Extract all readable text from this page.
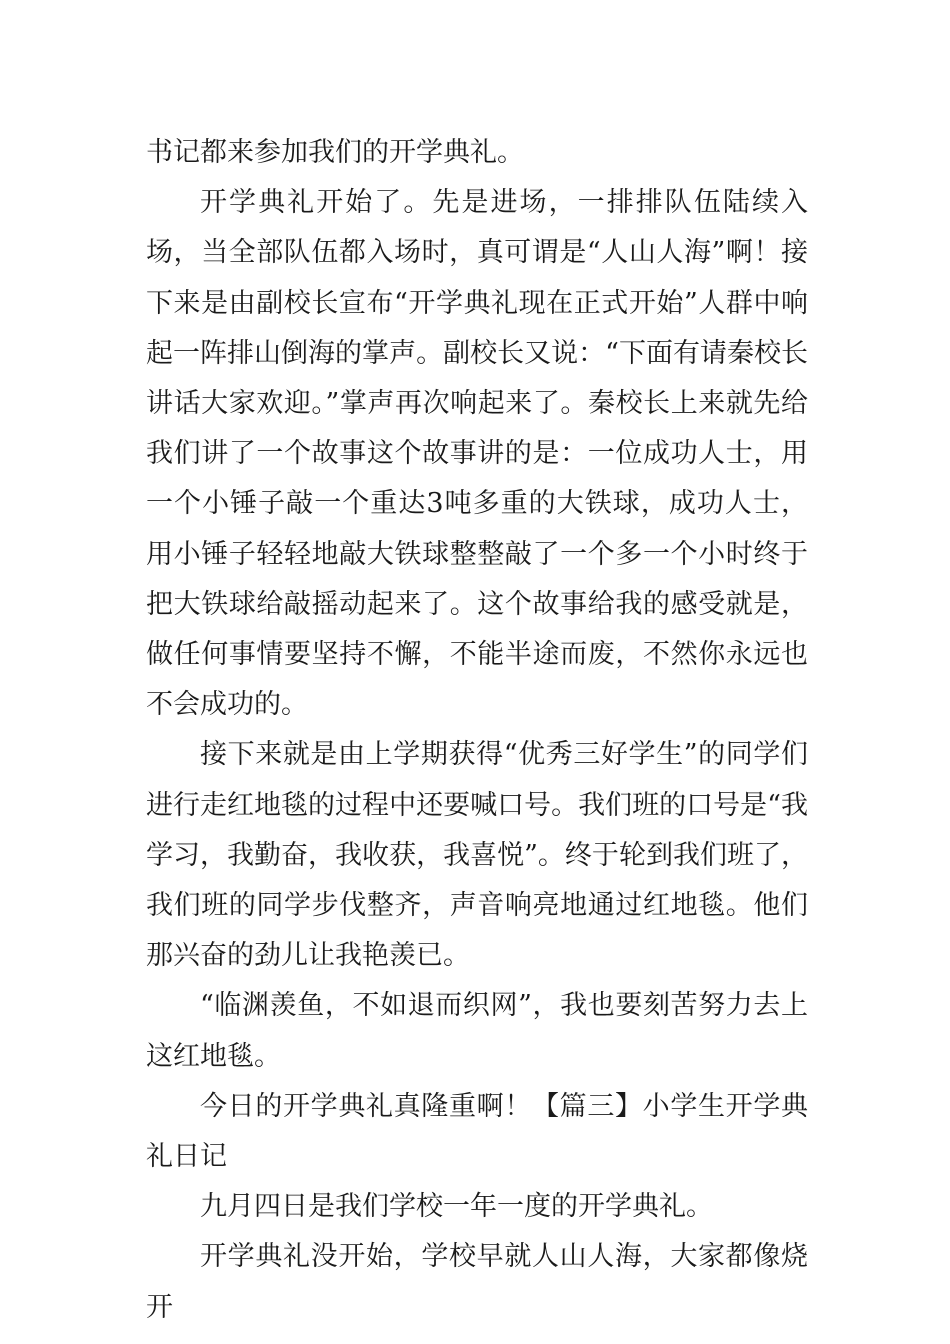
书记都来参加我们的开学典礼。

开学典礼开始了。先是进场，一排排队伍陆续入场，当全部队伍都入场时，真可谓是“人山人海”啊！接下来是由副校长宣布“开学典礼现在正式开始”人群中响起一阵排山倒海的掌声。副校长又说：“下面有请秦校长讲话大家欢迎。”掌声再次响起来了。秦校长上来就先给我们讲了一个故事这个故事讲的是：一位成功人士，用一个小锤子敲一个重达3吨多重的大铁球，成功人士，用小锤子轻轻地敲大铁球整整敲了一个多一个小时终于把大铁球给敲摇动起来了。这个故事给我的感受就是，做任何事情要坚持不懈，不能半途而废，不然你永远也不会成功的。

接下来就是由上学期获得“优秀三好学生”的同学们进行走红地毯的过程中还要喊口号。我们班的口号是“我学习，我勤奋，我收获，我喜悦”。终于轮到我们班了，我们班的同学步伐整齐，声音响亮地通过红地毯。他们那兴奋的劲儿让我艳羡已。

“临渊羡鱼，不如退而织网”，我也要刻苦努力去上这红地毯。

今日的开学典礼真隆重啊！【篇三】小学生开学典礼日记

九月四日是我们学校一年一度的开学典礼。

开学典礼没开始，学校早就人山人海，大家都像烧开
